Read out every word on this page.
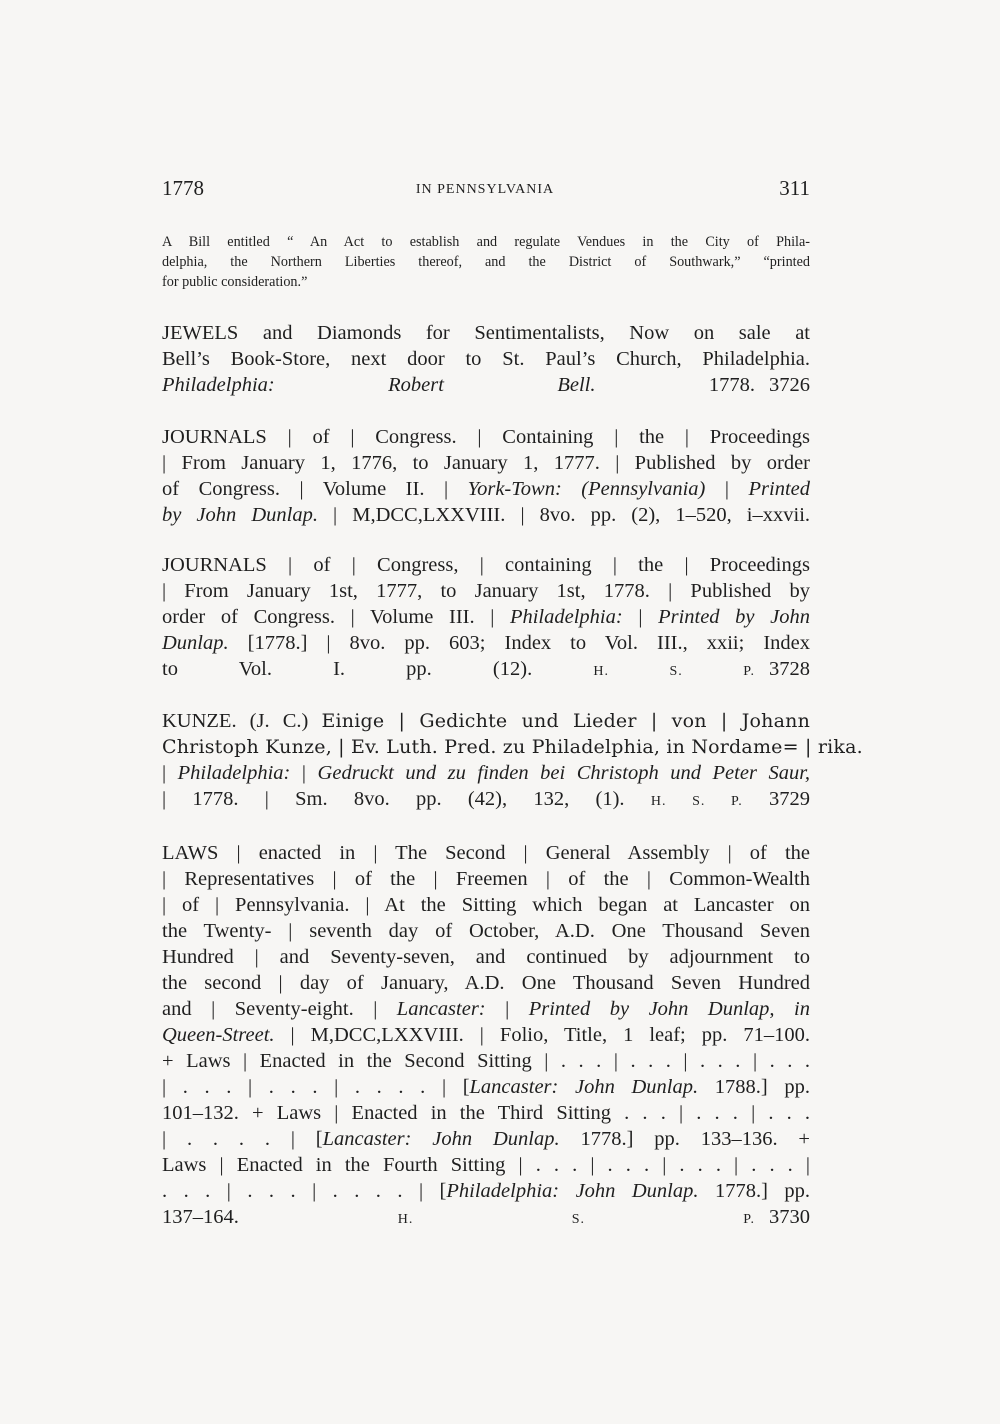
1778	IN PENNSYLVANIA	311
A Bill entitled “ An Act to establish and regulate Vendues in the City of Phila-
delphia, the Northern Liberties thereof, and the District of Southwark,” “printed
for public consideration.”
JEWELS and Diamonds for Sentimentalists, Now on sale at
Bell’s Book-Store, next door to St. Paul’s Church, Philadelphia.
Philadelphia:	Robert Bell.	1778. 3726
JOURNALS | of | Congress. | Containing | the | Proceedings
| From January 1, 1776, to January 1, 1777. | Published by order
of Congress. | Volume II. | York-Town: (Pennsylvania) | Printed
by John Dunlap. | M,DCC,LXXVIII. | 8vo. pp. (2), 1–520, i–xxvii.
JOURNALS | of | Congress, | containing | the | Proceedings
| From January 1st, 1777, to January 1st, 1778. | Published by
order of Congress. | Volume III. | Philadelphia: | Printed by John
Dunlap. [1778.] | 8vo. pp. 603; Index to Vol. III., xxii; Index
to Vol. I. pp. (12).	H. S. P. 3728
KUNZE. (J. C.) Einige | Gedichte und Lieder | von | Johann
Christoph Kunze, | Ev. Luth. Pred. zu Philadelphia, in Nordame= | rika.
| Philadelphia: | Gedruckt und zu finden bei Christoph und Peter Saur,
| 1778. | Sm. 8vo. pp. (42), 132, (1). H. S. P. 3729
LAWS | enacted in | The Second | General Assembly | of the
| Representatives | of the | Freemen | of the | Common-Wealth
| of | Pennsylvania. | At the Sitting which began at Lancaster on
the Twenty- | seventh day of October, A.D. One Thousand Seven
Hundred | and Seventy-seven, and continued by adjournment to
the second | day of January, A.D. One Thousand Seven Hundred
and | Seventy-eight. | Lancaster: | Printed by John Dunlap, in
Queen-Street. | M,DCC,LXXVIII. | Folio, Title, 1 leaf; pp. 71–100.
+ Laws | Enacted in the Second Sitting | . . . | . . . | . . . | . . .
| . . . | . . . | . . . . | [Lancaster: John Dunlap. 1788.] pp.
101–132. + Laws | Enacted in the Third Sitting . . . | . . . | . . .
| . . . . | [Lancaster: John Dunlap. 1778.] pp. 133–136. +
Laws | Enacted in the Fourth Sitting | . . . | . . . | . . . | . . . |
. . . | . . . | . . . . | [Philadelphia: John Dunlap. 1778.] pp.
137–164.	H. S. P. 3730
